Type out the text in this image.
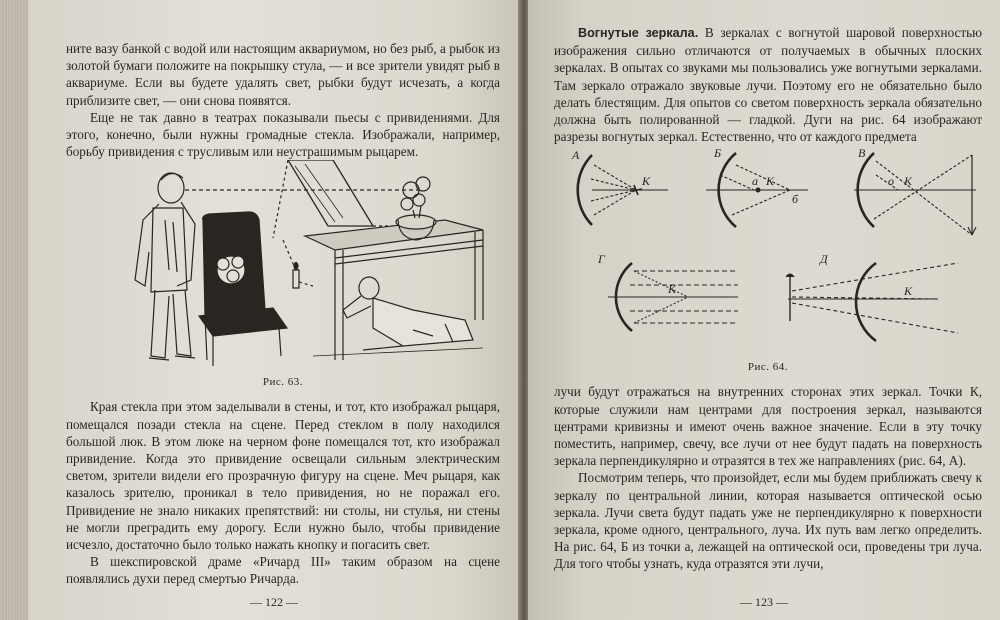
ните вазу банкой с водой или настоящим аквариумом, но без рыб, а рыбок из золотой бумаги положите на покрышку стула, — и все зрители увидят рыб в аквариуме. Если вы будете удалять свет, рыбки будут исчезать, а когда приблизите свет, — они снова появятся.

Еще не так давно в театрах показывали пьесы с привидениями. Для этого, конечно, были нужны громадные стекла. Изображали, например, борьбу привидения с трусливым или неустрашимым рыцарем.

Рис. 63.

Края стекла при этом заделывали в стены, и тот, кто изображал рыцаря, помещался позади стекла на сцене. Перед стеклом в полу находился большой люк. В этом люке на черном фоне помещался тот, кто изображал привидение. Когда это привидение освещали сильным электрическим светом, зрители видели его прозрачную фигуру на сцене. Меч рыцаря, как казалось зрителю, проникал в тело привидения, но не поражал его. Привидение не знало никаких препятствий: ни столы, ни стулья, ни стены не могли преградить ему дорогу. Если нужно было, чтобы привидение исчезло, достаточно было только нажать кнопку и погасить свет.

В шекспировской драме «Ричард III» таким образом на сцене появлялись духи перед смертью Ричарда.

— 122 —

Вогнутые зеркала. В зеркалах с вогнутой шаровой поверхностью изображения сильно отличаются от получаемых в обычных плоских зеркалах. В опытах со звуками мы пользовались уже вогнутыми зеркалами. Там зеркало отражало звуковые лучи. Поэтому его не обязательно было делать блестящим. Для опытов со светом поверхность зеркала обязательно должна быть полированной — гладкой. Дуги на рис. 64 изображают разрезы вогнутых зеркал. Естественно, что от каждого предмета

А
К
Б
а К
б
В
о К
Г
К
Д
К
Рис. 64.

лучи будут отражаться на внутренних сторонах этих зеркал. Точки К, которые служили нам центрами для построения зеркал, называются центрами кривизны и имеют очень важное значение. Если в эту точку поместить, например, свечу, все лучи от нее будут падать на поверхность зеркала перпендикулярно и отразятся в тех же направлениях (рис. 64, А).

Посмотрим теперь, что произойдет, если мы будем приближать свечу к зеркалу по центральной линии, которая называется оптической осью зеркала. Лучи света будут падать уже не перпендикулярно к поверхности зеркала, кроме одного, центрального, луча. Их путь вам легко определить. На рис. 64, Б из точки а, лежащей на оптической оси, проведены три луча. Для того чтобы узнать, куда отразятся эти лучи,

— 123 —
